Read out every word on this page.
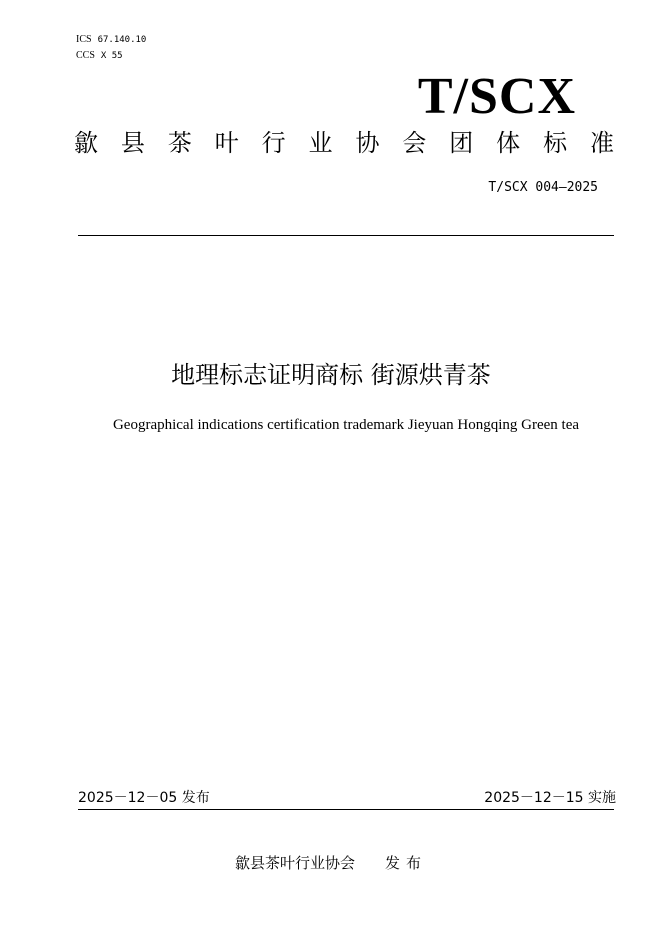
ICS 67.140.10
CCS X 55
T/SCX
歙 县 茶 叶 行 业 协 会 团 体 标 准
T/SCX 004—2025
地理标志证明商标 街源烘青茶
Geographical indications certification trademark Jieyuan Hongqing Green tea
2025－12－05 发布	2025－12－15 实施
歙县茶叶行业协会 发布
